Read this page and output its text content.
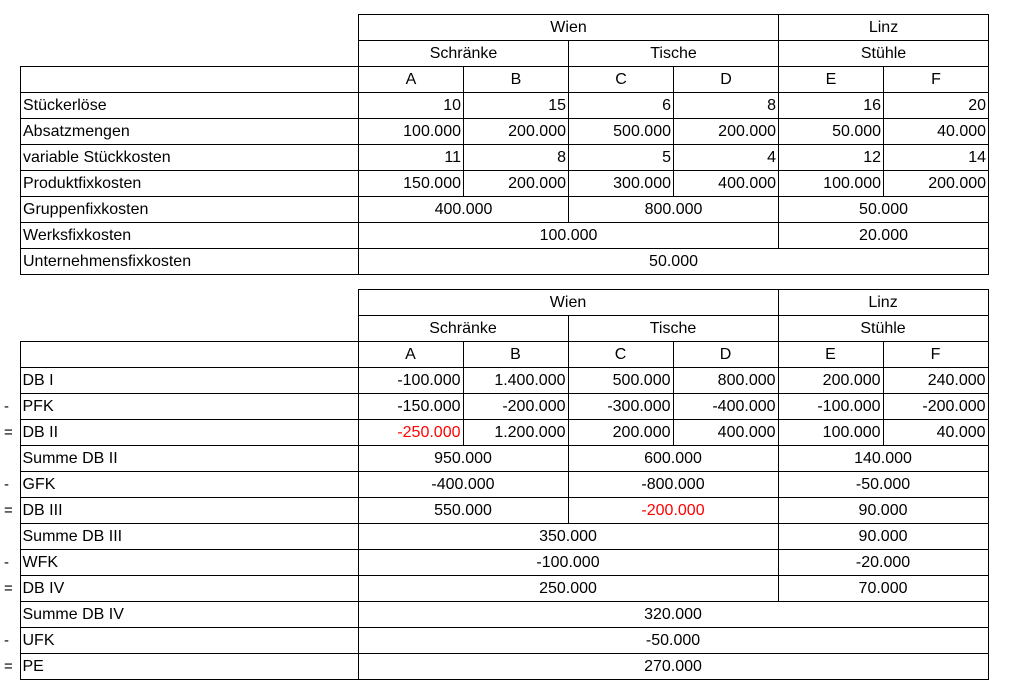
	Wien				Linz	
	Schränke		Tische		Stühle	
	A	B	C	D	E	F
Stückerlöse	10	15	6	8	16	20
Absatzmengen	100.000	200.000	500.000	200.000	50.000	40.000
variable Stückkosten	11	8	5	4	12	14
Produktfixkosten	150.000	200.000	300.000	400.000	100.000	200.000
Gruppenfixkosten	400.000		800.000		50.000	
Werksfixkosten	100.000				20.000	
Unternehmensfixkosten	50.000					
		Wien				Linz	
		Schränke		Tische		Stühle	
		A	B	C	D	E	F
	DB I	-100.000	1.400.000	500.000	800.000	200.000	240.000
-	PFK	-150.000	-200.000	-300.000	-400.000	-100.000	-200.000
=	DB II	-250.000	1.200.000	200.000	400.000	100.000	40.000
	Summe DB II	950.000		600.000		140.000	
-	GFK	-400.000		-800.000		-50.000	
=	DB III	550.000		-200.000		90.000	
	Summe DB III	350.000				90.000	
-	WFK	-100.000				-20.000	
=	DB IV	250.000				70.000	
	Summe DB IV	320.000					
-	UFK	-50.000					
=	PE	270.000					
